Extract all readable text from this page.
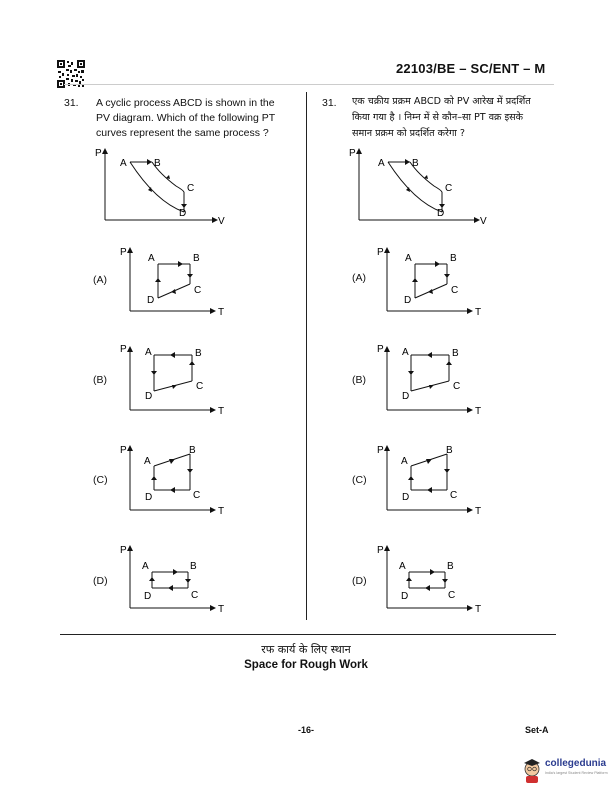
22103/BE – SC/ENT – M
31. A cyclic process ABCD is shown in the
PV diagram. Which of the following PT
curves represent the same process ?
P
V
A	B
C
D
(A)
P
T
A	B
C
D
(B)
P
T
A	B
C
D
(C)
P
T
A
B
C
D
(D)
P
T
A	B
C
D
31. एक चक्रीय प्रक्रम ABCD को PV आरेख में प्रदर्शित
किया गया है । निम्न में से कौन–सा PT वक्र इसके
समान प्रक्रम को प्रदर्शित करेगा ?
P
V
A	B
C
D
(A)
P
T
A	B
C
D
(B)
P
T
A	B
C
D
(C)
P
T
A
B
C
D
(D)
P
T
A	B
C
D
रफ कार्य के लिए स्थान
Space for Rough Work
-16-	Set-A
collegedunia
India's largest Student Review Platform
